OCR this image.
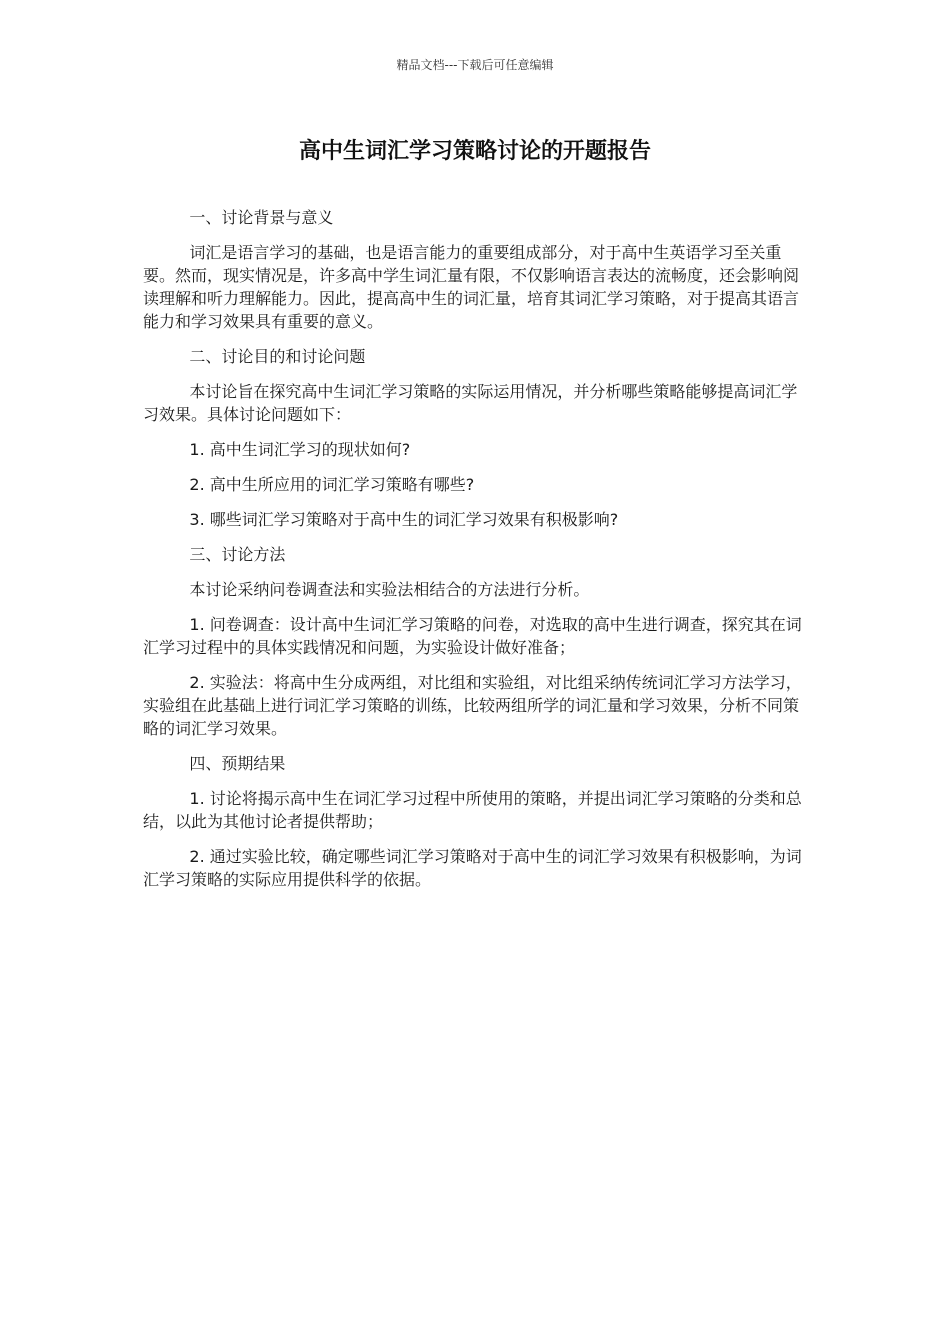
精品文档---下载后可任意编辑
高中生词汇学习策略讨论的开题报告

一、讨论背景与意义

词汇是语言学习的基础，也是语言能力的重要组成部分，对于高中生英语学习至关重要。然而，现实情况是，许多高中学生词汇量有限，不仅影响语言表达的流畅度，还会影响阅读理解和听力理解能力。因此，提高高中生的词汇量，培育其词汇学习策略，对于提高其语言能力和学习效果具有重要的意义。

二、讨论目的和讨论问题

本讨论旨在探究高中生词汇学习策略的实际运用情况，并分析哪些策略能够提高词汇学习效果。具体讨论问题如下：

1. 高中生词汇学习的现状如何?

2. 高中生所应用的词汇学习策略有哪些?

3. 哪些词汇学习策略对于高中生的词汇学习效果有积极影响?

三、讨论方法

本讨论采纳问卷调查法和实验法相结合的方法进行分析。

1. 问卷调查：设计高中生词汇学习策略的问卷，对选取的高中生进行调查，探究其在词汇学习过程中的具体实践情况和问题，为实验设计做好准备；

2. 实验法：将高中生分成两组，对比组和实验组，对比组采纳传统词汇学习方法学习，实验组在此基础上进行词汇学习策略的训练，比较两组所学的词汇量和学习效果，分析不同策略的词汇学习效果。

四、预期结果

1. 讨论将揭示高中生在词汇学习过程中所使用的策略，并提出词汇学习策略的分类和总结，以此为其他讨论者提供帮助；

2. 通过实验比较，确定哪些词汇学习策略对于高中生的词汇学习效果有积极影响，为词汇学习策略的实际应用提供科学的依据。
